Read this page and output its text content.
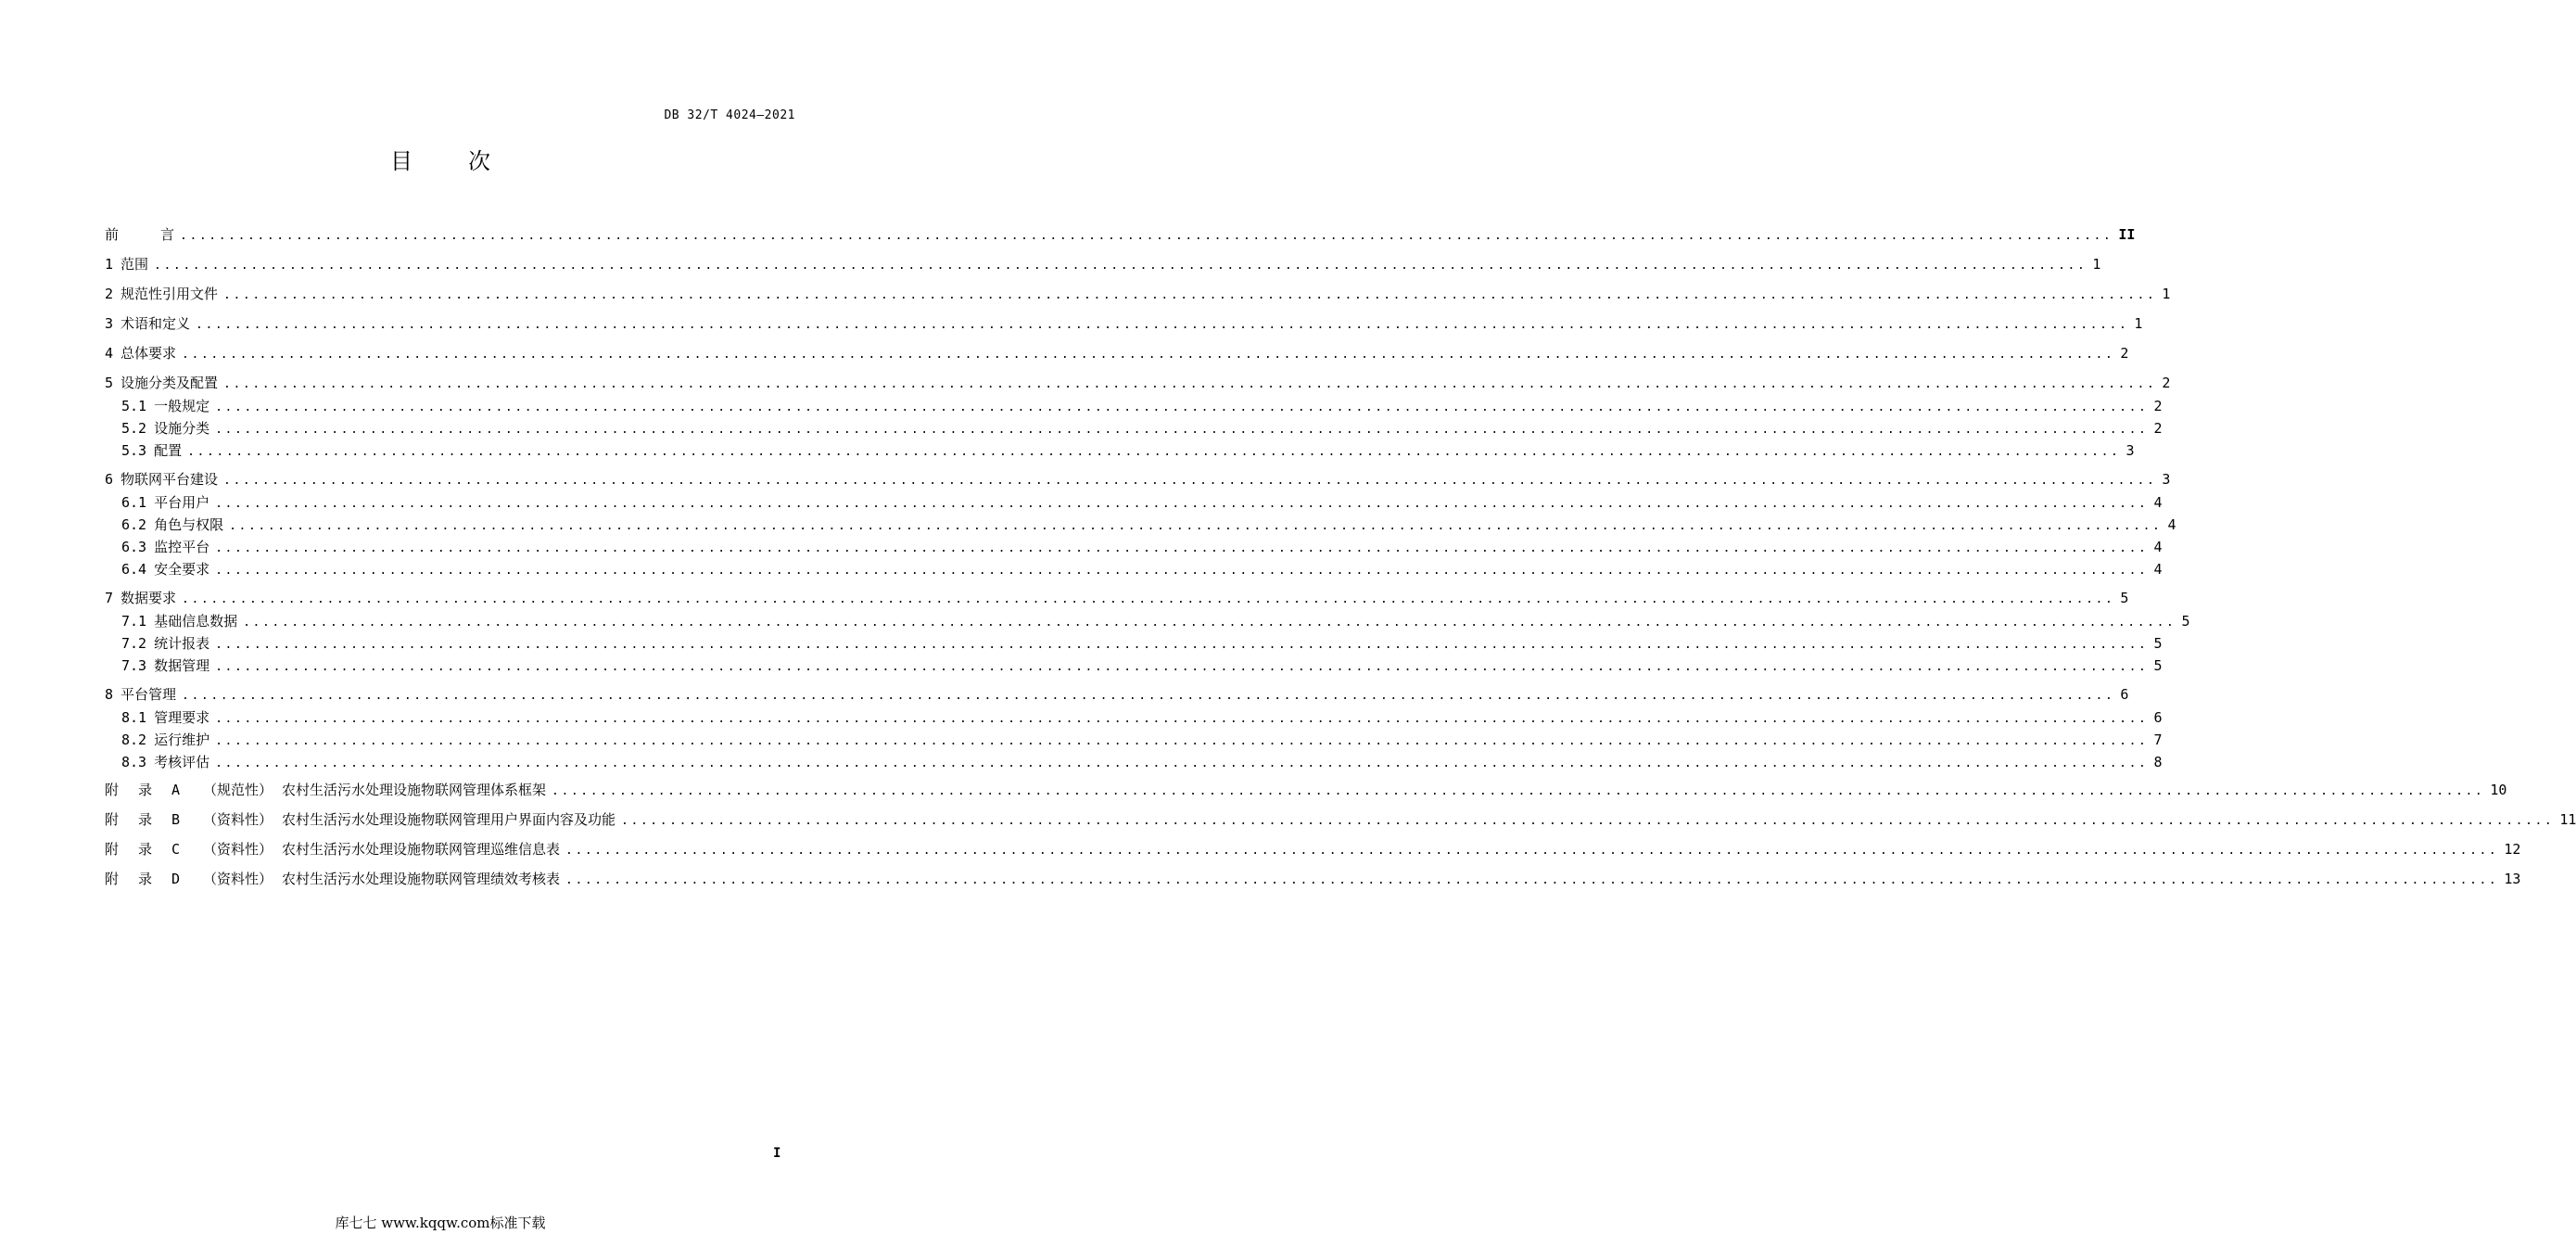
DB 32/T 4024—2021
目次
前　　　言 ........................................................................................................................................................................................................ II
1 范围 ........................................................................................................................................................................................................ 1
2 规范性引用文件 ........................................................................................................................................................................................................ 1
3 术语和定义 ........................................................................................................................................................................................................ 1
4 总体要求 ........................................................................................................................................................................................................ 2
5 设施分类及配置 ........................................................................................................................................................................................................ 2
5.1 一般规定 ........................................................................................................................................................................................................ 2
5.2 设施分类 ........................................................................................................................................................................................................ 2
5.3 配置 ........................................................................................................................................................................................................ 3
6 物联网平台建设 ........................................................................................................................................................................................................ 3
6.1 平台用户 ........................................................................................................................................................................................................ 4
6.2 角色与权限 ........................................................................................................................................................................................................ 4
6.3 监控平台 ........................................................................................................................................................................................................ 4
6.4 安全要求 ........................................................................................................................................................................................................ 4
7 数据要求 ........................................................................................................................................................................................................ 5
7.1 基础信息数据 ........................................................................................................................................................................................................ 5
7.2 统计报表 ........................................................................................................................................................................................................ 5
7.3 数据管理 ........................................................................................................................................................................................................ 5
8 平台管理 ........................................................................................................................................................................................................ 6
8.1 管理要求 ........................................................................................................................................................................................................ 6
8.2 运行维护 ........................................................................................................................................................................................................ 7
8.3 考核评估 ........................................................................................................................................................................................................ 8
附 录 A （规范性） 农村生活污水处理设施物联网管理体系框架 ........................................................................................................................................................................................................ 10
附 录 B （资料性） 农村生活污水处理设施物联网管理用户界面内容及功能 ........................................................................................................................................................................................................ 11
附 录 C （资料性） 农村生活污水处理设施物联网管理巡维信息表 ........................................................................................................................................................................................................ 12
附 录 D （资料性） 农村生活污水处理设施物联网管理绩效考核表 ........................................................................................................................................................................................................ 13
I
库七七 www.kqqw.com标准下载
